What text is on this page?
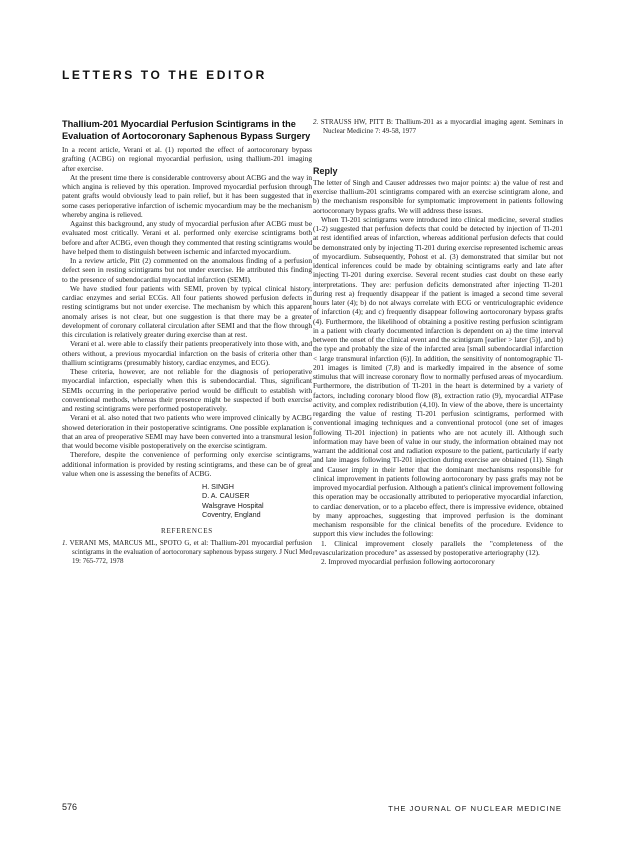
LETTERS TO THE EDITOR
Thallium-201 Myocardial Perfusion Scintigrams in the Evaluation of Aortocoronary Saphenous Bypass Surgery

In a recent article, Verani et al. (1) reported the effect of aortocoronary bypass grafting (ACBG) on regional myocardial perfusion, using thallium-201 imaging after exercise.

At the present time there is considerable controversy about ACBG and the way in which angina is relieved by this operation. Improved myocardial perfusion through patent grafts would obviously lead to pain relief, but it has been suggested that in some cases perioperative infarction of ischemic myocardium may be the mechanism whereby angina is relieved.

Against this background, any study of myocardial perfusion after ACBG must be evaluated most critically. Verani et al. performed only exercise scintigrams both before and after ACBG, even though they commented that resting scintigrams would have helped them to distinguish between ischemic and infarcted myocardium.

In a review article, Pitt (2) commented on the anomalous finding of a perfusion defect seen in resting scintigrams but not under exercise. He attributed this finding to the presence of subendocardial myocardial infarction (SEMI).

We have studied four patients with SEMI, proven by typical clinical history, cardiac enzymes and serial ECGs. All four patients showed perfusion defects in resting scintigrams but not under exercise. The mechanism by which this apparent anomaly arises is not clear, but one suggestion is that there may be a greater development of coronary collateral circulation after SEMI and that the flow through this circulation is relatively greater during exercise than at rest.

Verani et al. were able to classify their patients preoperatively into those with, and others without, a previous myocardial infarction on the basis of criteria other than thallium scintigrams (presumably history, cardiac enzymes, and ECG).

These criteria, however, are not reliable for the diagnosis of perioperative myocardial infarction, especially when this is subendocardial. Thus, significant SEMIs occurring in the perioperative period would be difficult to establish with conventional methods, whereas their presence might be suspected if both exercise and resting scintigrams were performed postoperatively.

Verani et al. also noted that two patients who were improved clinically by ACBG showed deterioration in their postoperative scintigrams. One possible explanation is that an area of preoperative SEMI may have been converted into a transmural lesion that would become visible postoperatively on the exercise scintigram.

Therefore, despite the convenience of performing only exercise scintigrams, additional information is provided by resting scintigrams, and these can be of great value when one is assessing the benefits of ACBG.

H. SINGH
D. A. CAUSER
Walsgrave Hospital
Coventry, England
REFERENCES

1. VERANI MS, MARCUS ML, SPOTO G, et al: Thallium-201 myocardial perfusion scintigrams in the evaluation of aortocoronary saphenous bypass surgery. J Nucl Med 19: 765-772, 1978

2. STRAUSS HW, PITT B: Thallium-201 as a myocardial imaging agent. Seminars in Nuclear Medicine 7: 49-58, 1977

Reply

The letter of Singh and Causer addresses two major points: a) the value of rest and exercise thallium-201 scintigrams compared with an exercise scintigram alone, and b) the mechanism responsible for symptomatic improvement in patients following aortocoronary bypass grafts. We will address these issues.

When Tl-201 scintigrams were introduced into clinical medicine, several studies (1-2) suggested that perfusion defects that could be detected by injection of Tl-201 at rest identified areas of infarction, whereas additional perfusion defects that could be demonstrated only by injecting Tl-201 during exercise represented ischemic areas of myocardium. Subsequently, Pohost et al. (3) demonstrated that similar but not identical inferences could be made by obtaining scintigrams early and late after injecting Tl-201 during exercise. Several recent studies cast doubt on these early interpretations. They are: perfusion deficits demonstrated after injecting Tl-201 during rest a) frequently disappear if the patient is imaged a second time several hours later (4); b) do not always correlate with ECG or ventriculographic evidence of infarction (4); and c) frequently disappear following aortocoronary bypass grafts (4). Furthermore, the likelihood of obtaining a positive resting perfusion scintigram in a patient with clearly documented infarction is dependent on a) the time interval between the onset of the clinical event and the scintigram [earlier > later (5)], and b) the type and probably the size of the infarcted area [small subendocardial infarction < large transmural infarction (6)]. In addition, the sensitivity of nontomographic Tl-201 images is limited (7,8) and is markedly impaired in the absence of some stimulus that will increase coronary flow to normally perfused areas of myocardium. Furthermore, the distribution of Tl-201 in the heart is determined by a variety of factors, including coronary blood flow (8), extraction ratio (9), myocardial ATPase activity, and complex redistribution (4,10). In view of the above, there is uncertainty regarding the value of resting Tl-201 perfusion scintigrams, performed with conventional imaging techniques and a conventional protocol (one set of images following Tl-201 injection) in patients who are not acutely ill. Although such information may have been of value in our study, the information obtained may not warrant the additional cost and radiation exposure to the patient, particularly if early and late images following Tl-201 injection during exercise are obtained (11). Singh and Causer imply in their letter that the dominant mechanisms responsible for clinical improvement in patients following aortocoronary by pass grafts may not be improved myocardial perfusion. Although a patient's clinical improvement following this operation may be occasionally attributed to perioperative myocardial infarction, to cardiac denervation, or to a placebo effect, there is impressive evidence, obtained by many approaches, suggesting that improved perfusion is the dominant mechanism responsible for the clinical benefits of the procedure. Evidence to support this view includes the following:

1. Clinical improvement closely parallels the "completeness of the revascularization procedure" as assessed by postoperative arteriography (12).

2. Improved myocardial perfusion following aortocoronary

576	THE JOURNAL OF NUCLEAR MEDICINE
